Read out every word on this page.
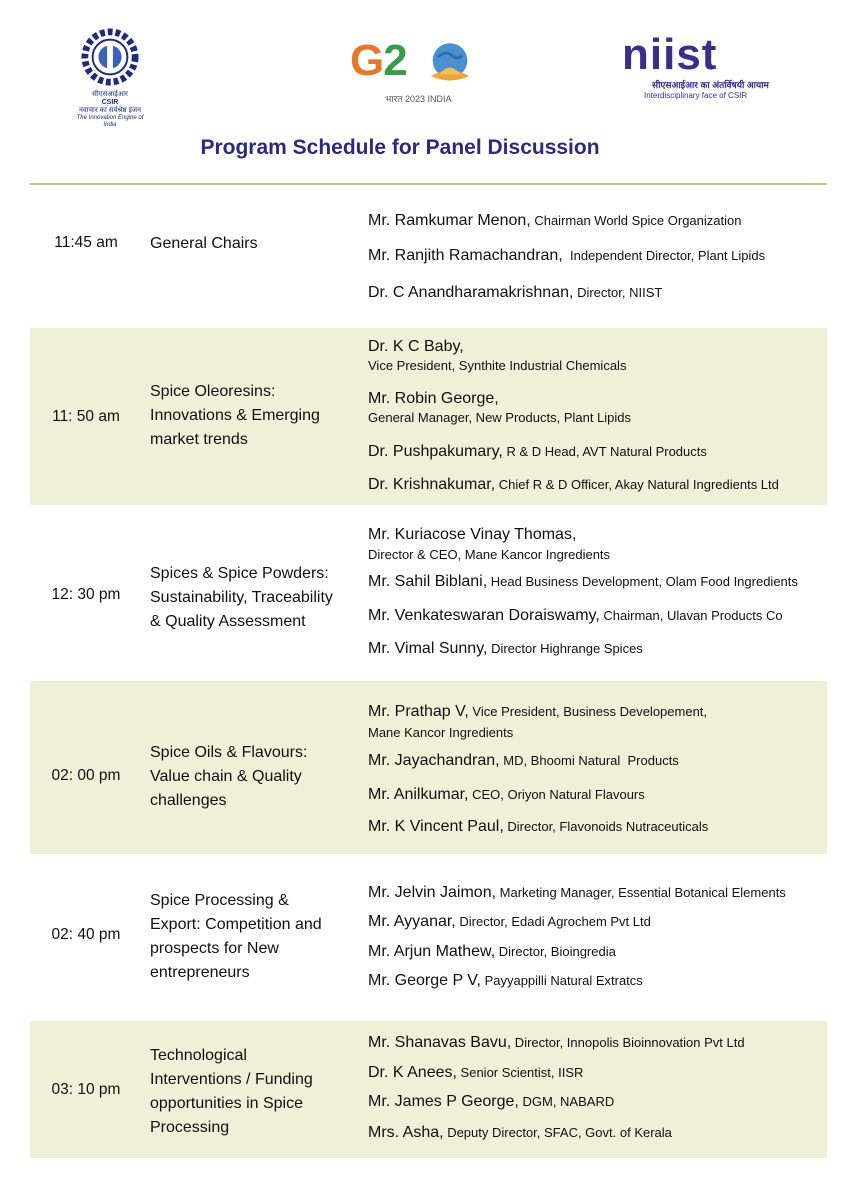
सीएसआईआर
CSIR
नवाचार का सर्वश्रेष्ठ इंजन
The Innovation Engine of India
G2
भारत 2023 INDIA
niist
सीएसआईआर का अंतर्विषयी आयाम
Interdisciplinary face of CSIR
Program Schedule for Panel Discussion
11:45 am	General Chairs
Mr. Ramkumar Menon, Chairman World Spice Organization
Mr. Ranjith Ramachandran,  Independent Director, Plant Lipids
Dr. C Anandharamakrishnan, Director, NIIST
11: 50 am
Spice Oleoresins:
Innovations & Emerging
market trends
Dr. K C Baby,
Vice President, Synthite Industrial Chemicals
Mr. Robin George,
General Manager, New Products, Plant Lipids
Dr. Pushpakumary, R & D Head, AVT Natural Products
Dr. Krishnakumar, Chief R & D Officer, Akay Natural Ingredients Ltd
12: 30 pm
Spices & Spice Powders:
Sustainability, Traceability
& Quality Assessment
Mr. Kuriacose Vinay Thomas,
Director & CEO, Mane Kancor Ingredients
Mr. Sahil Biblani, Head Business Development, Olam Food Ingredients
Mr. Venkateswaran Doraiswamy, Chairman, Ulavan Products Co
Mr. Vimal Sunny, Director Highrange Spices
02: 00 pm
Spice Oils & Flavours:
Value chain & Quality
challenges
Mr. Prathap V, Vice President, Business Developement,
Mane Kancor Ingredients
Mr. Jayachandran, MD, Bhoomi Natural  Products
Mr. Anilkumar, CEO, Oriyon Natural Flavours
Mr. K Vincent Paul, Director, Flavonoids Nutraceuticals
02: 40 pm
Spice Processing &
Export: Competition and
prospects for New
entrepreneurs
Mr. Jelvin Jaimon, Marketing Manager, Essential Botanical Elements
Mr. Ayyanar, Director, Edadi Agrochem Pvt Ltd
Mr. Arjun Mathew, Director, Bioingredia
Mr. George P V, Payyappilli Natural Extratcs
03: 10 pm
Technological
Interventions / Funding
opportunities in Spice
Processing
Mr. Shanavas Bavu, Director, Innopolis Bioinnovation Pvt Ltd
Dr. K Anees, Senior Scientist, IISR
Mr. James P George, DGM, NABARD
Mrs. Asha, Deputy Director, SFAC, Govt. of Kerala
